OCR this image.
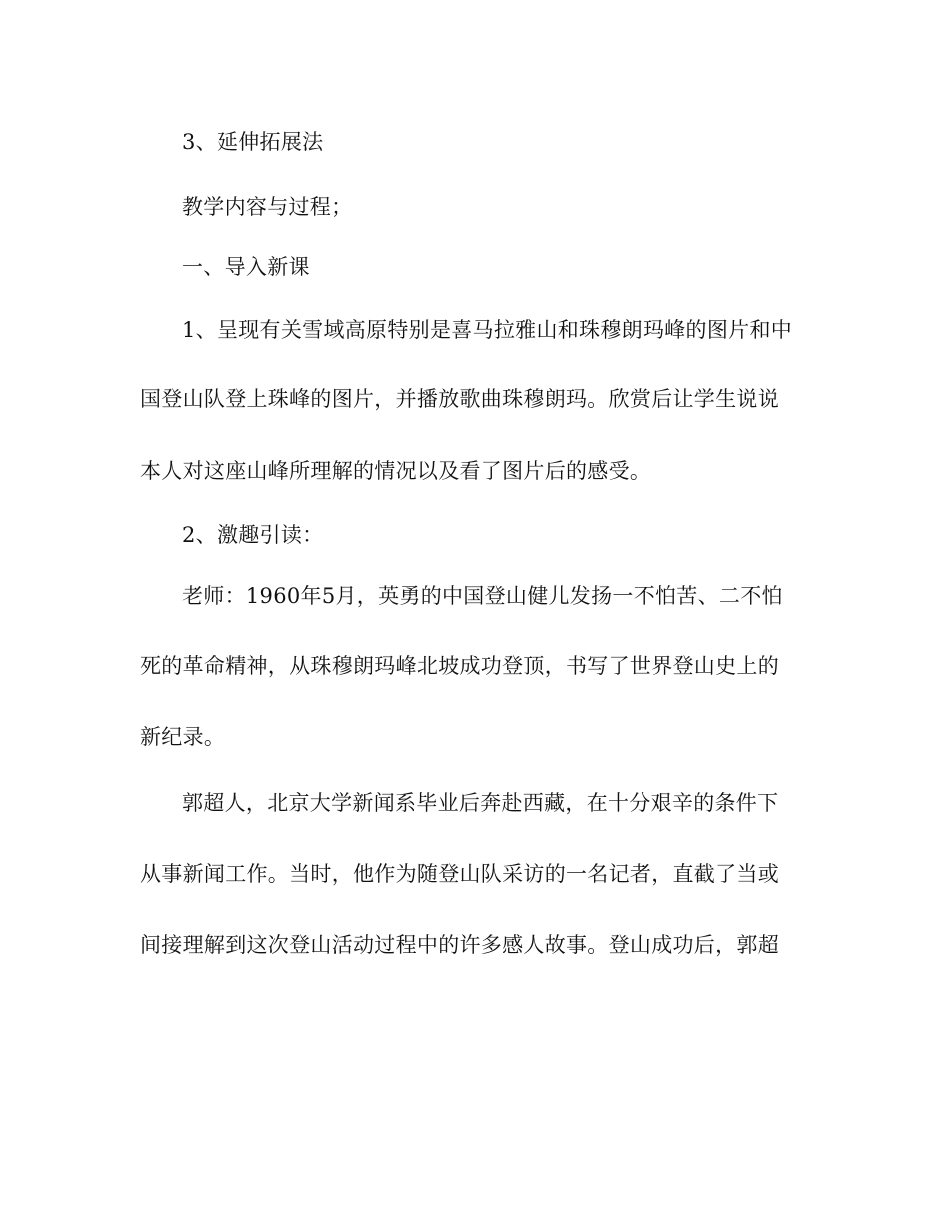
3、延伸拓展法
教学内容与过程；
一、导入新课
1、呈现有关雪域高原特别是喜马拉雅山和珠穆朗玛峰的图片和中
国登山队登上珠峰的图片，并播放歌曲珠穆朗玛。欣赏后让学生说说
本人对这座山峰所理解的情况以及看了图片后的感受。
2、激趣引读：
老师：1960年5月，英勇的中国登山健儿发扬一不怕苦、二不怕
死的革命精神，从珠穆朗玛峰北坡成功登顶，书写了世界登山史上的
新纪录。
郭超人，北京大学新闻系毕业后奔赴西藏，在十分艰辛的条件下
从事新闻工作。当时，他作为随登山队采访的一名记者，直截了当或
间接理解到这次登山活动过程中的许多感人故事。登山成功后，郭超
